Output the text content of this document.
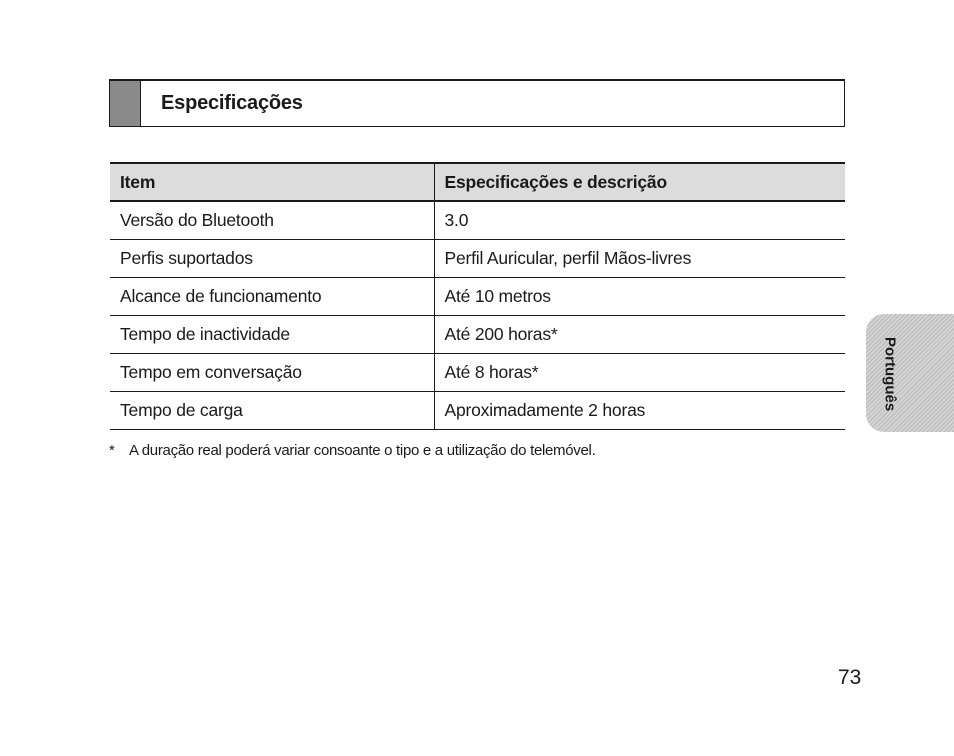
Especificações
Item	Especificações e descrição
Versão do Bluetooth	3.0
Perfis suportados	Perfil Auricular, perfil Mãos-livres
Alcance de funcionamento	Até 10 metros
Tempo de inactividade	Até 200 horas*
Tempo em conversação	Até 8 horas*
Tempo de carga	Aproximadamente 2 horas
* A duração real poderá variar consoante o tipo e a utilização do telemóvel.
Português
73
